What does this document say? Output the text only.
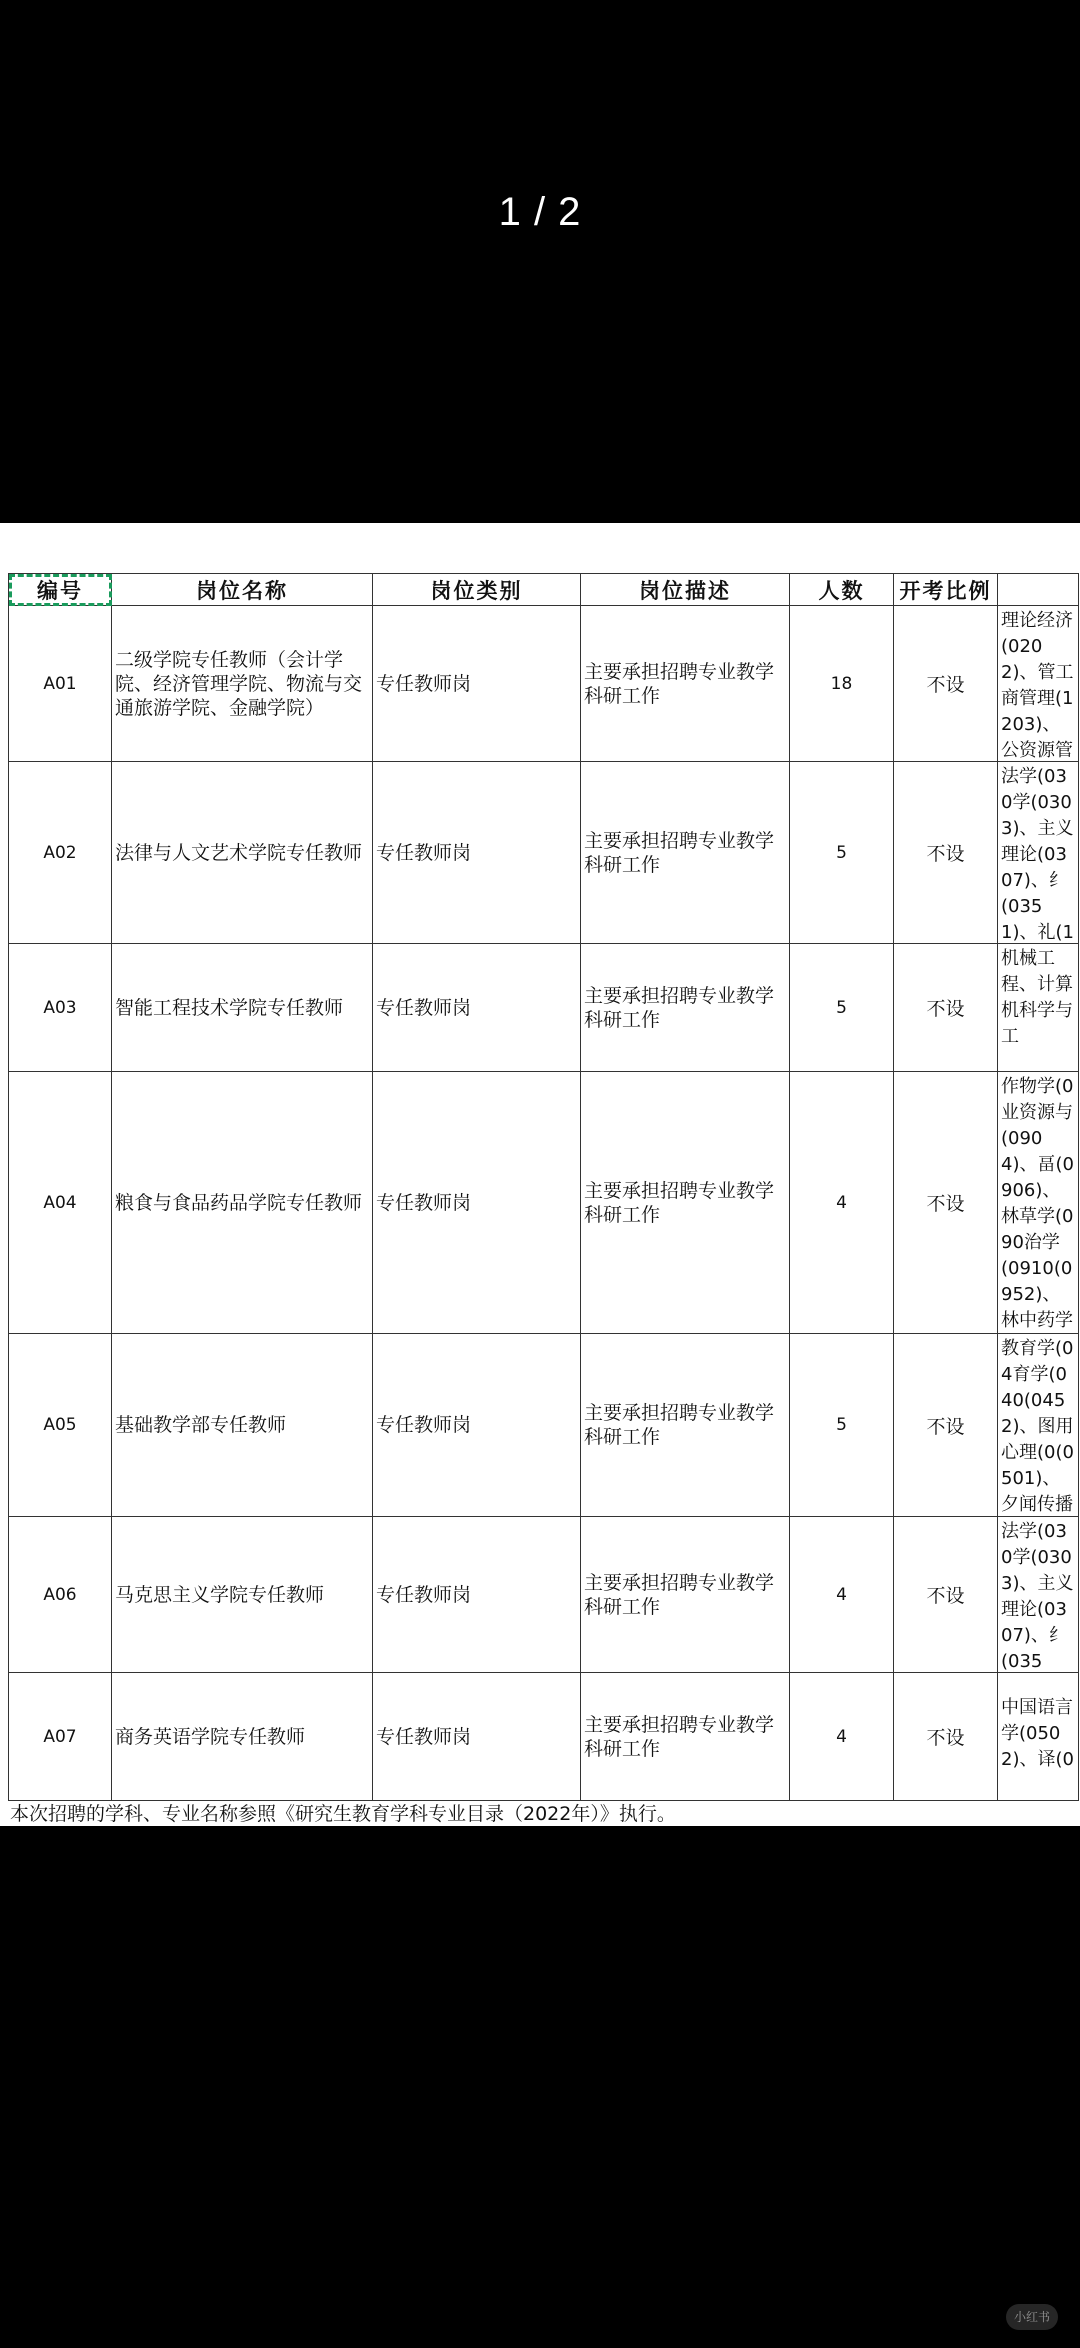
1 / 2
编号	岗位名称	岗位类别	岗位描述	人数	开考比例	
A01	二级学院专任教师（会计学院、经济管理学院、物流与交通旅游学院、金融学院）	专任教师岗	主要承担招聘专业教学科研工作	18	不设	理论经济(0202)、管工商管理(1203)、公资源管

A02	法律与人文艺术学院专任教师	专任教师岗	主要承担招聘专业教学科研工作	5	不设	法学(030学(0303)、主义理论(0307)、纟(0351)、礼(1

A03	智能工程技术学院专任教师	专任教师岗	主要承担招聘专业教学科研工作	5	不设	机械工程、计算机科学与工

A04	粮食与食品药品学院专任教师	专任教师岗	主要承担招聘专业教学科研工作	4	不设	作物学(0业资源与(0904)、畐(0906)、林草学(090治学(0910(0952)、林中药学

A05	基础教学部专任教师	专任教师岗	主要承担招聘专业教学科研工作	5	不设	教育学(04育学(040(0452)、图用心理(0(0501)、夕闻传播

A06	马克思主义学院专任教师	专任教师岗	主要承担招聘专业教学科研工作	4	不设	法学(030学(0303)、主义理论(0307)、纟(035

A07	商务英语学院专任教师	专任教师岗	主要承担招聘专业教学科研工作	4	不设	中国语言学(0502)、译(0
本次招聘的学科、专业名称参照《研究生教育学科专业目录（2022年）》执行。
小红书
